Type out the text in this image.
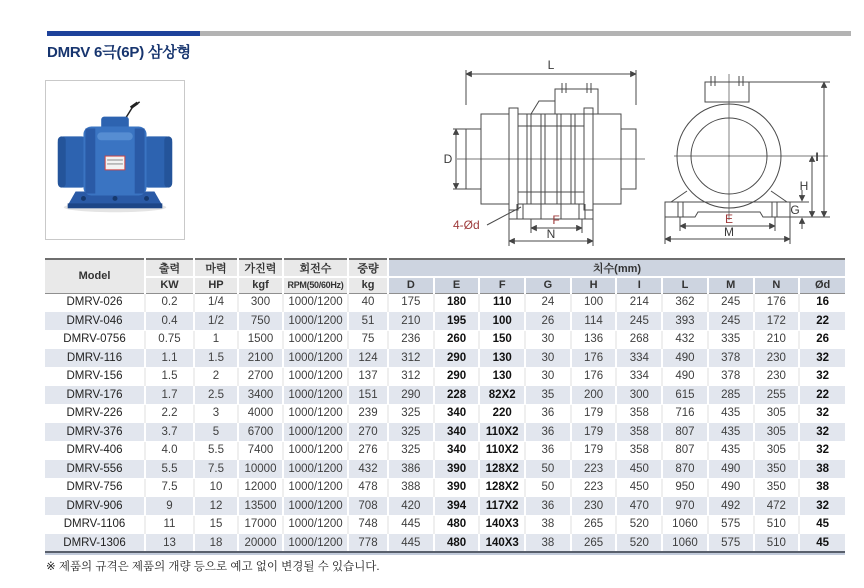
DMRV 6극(6P) 삼상형
L
D
4-Ød	F
N
I
H
G
E
M
Model	출력	마력	가진력	회전수	중량	치수(mm)									
	KW	HP	kgf	RPM(50/60Hz)	kg	D	E	F	G	H	I	L	M	N	Ød
DMRV-026	0.2	1/4	300	1000/1200	40	175	180	110	24	100	214	362	245	176	16
DMRV-046	0.4	1/2	750	1000/1200	51	210	195	100	26	114	245	393	245	172	22
DMRV-0756	0.75	1	1500	1000/1200	75	236	260	150	30	136	268	432	335	210	26
DMRV-116	1.1	1.5	2100	1000/1200	124	312	290	130	30	176	334	490	378	230	32
DMRV-156	1.5	2	2700	1000/1200	137	312	290	130	30	176	334	490	378	230	32
DMRV-176	1.7	2.5	3400	1000/1200	151	290	228	82X2	35	200	300	615	285	255	22
DMRV-226	2.2	3	4000	1000/1200	239	325	340	220	36	179	358	716	435	305	32
DMRV-376	3.7	5	6700	1000/1200	270	325	340	110X2	36	179	358	807	435	305	32
DMRV-406	4.0	5.5	7400	1000/1200	276	325	340	110X2	36	179	358	807	435	305	32
DMRV-556	5.5	7.5	10000	1000/1200	432	386	390	128X2	50	223	450	870	490	350	38
DMRV-756	7.5	10	12000	1000/1200	478	388	390	128X2	50	223	450	950	490	350	38
DMRV-906	9	12	13500	1000/1200	708	420	394	117X2	36	230	470	970	492	472	32
DMRV-1106	11	15	17000	1000/1200	748	445	480	140X3	38	265	520	1060	575	510	45
DMRV-1306	13	18	20000	1000/1200	778	445	480	140X3	38	265	520	1060	575	510	45
※ 제품의 규격은 제품의 개량 등으로 예고 없이 변경될 수 있습니다.
